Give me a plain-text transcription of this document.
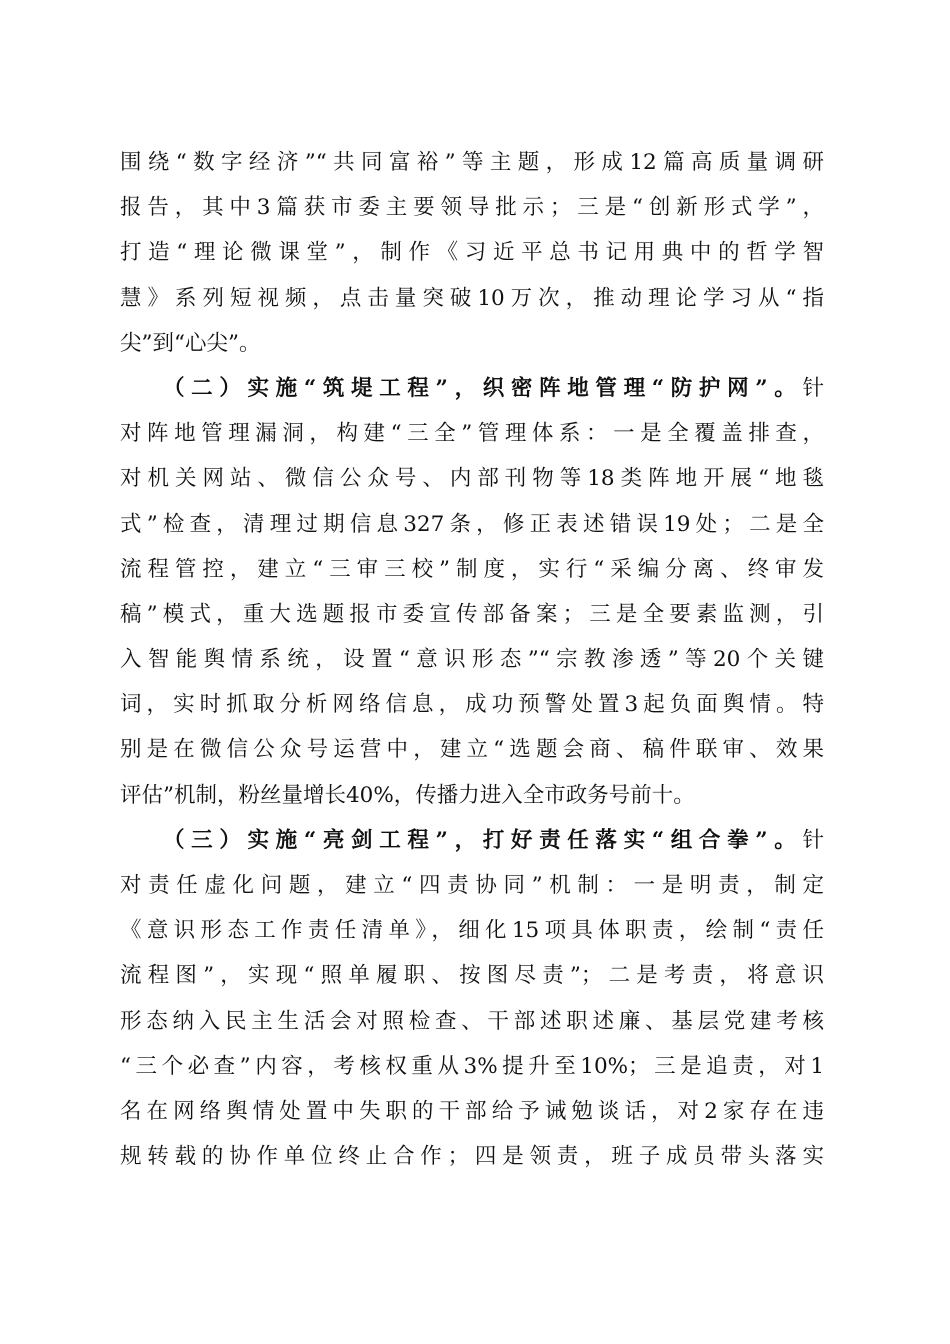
围绕“数字经济”“共同富裕”等主题，形成12篇高质量调研
报告，其中3篇获市委主要领导批示；三是“创新形式学”，
打造“理论微课堂”，制作《习近平总书记用典中的哲学智
慧》系列短视频，点击量突破10万次，推动理论学习从“指
尖”到“心尖”。
（二）实施“筑堤工程”，织密阵地管理“防护网”。针
对阵地管理漏洞，构建“三全”管理体系：一是全覆盖排查，
对机关网站、微信公众号、内部刊物等18类阵地开展“地毯
式”检查，清理过期信息327条，修正表述错误19处；二是全
流程管控，建立“三审三校”制度，实行“采编分离、终审发
稿”模式，重大选题报市委宣传部备案；三是全要素监测，引
入智能舆情系统，设置“意识形态”“宗教渗透”等20个关键
词，实时抓取分析网络信息，成功预警处置3起负面舆情。特
别是在微信公众号运营中，建立“选题会商、稿件联审、效果
评估”机制，粉丝量增长40%，传播力进入全市政务号前十。
（三）实施“亮剑工程”，打好责任落实“组合拳”。针
对责任虚化问题，建立“四责协同”机制：一是明责，制定
《意识形态工作责任清单》，细化15项具体职责，绘制“责任
流程图”，实现“照单履职、按图尽责”；二是考责，将意识
形态纳入民主生活会对照检查、干部述职述廉、基层党建考核
“三个必查”内容，考核权重从3%提升至10%；三是追责，对1
名在网络舆情处置中失职的干部给予诫勉谈话，对2家存在违
规转载的协作单位终止合作；四是领责，班子成员带头落实
